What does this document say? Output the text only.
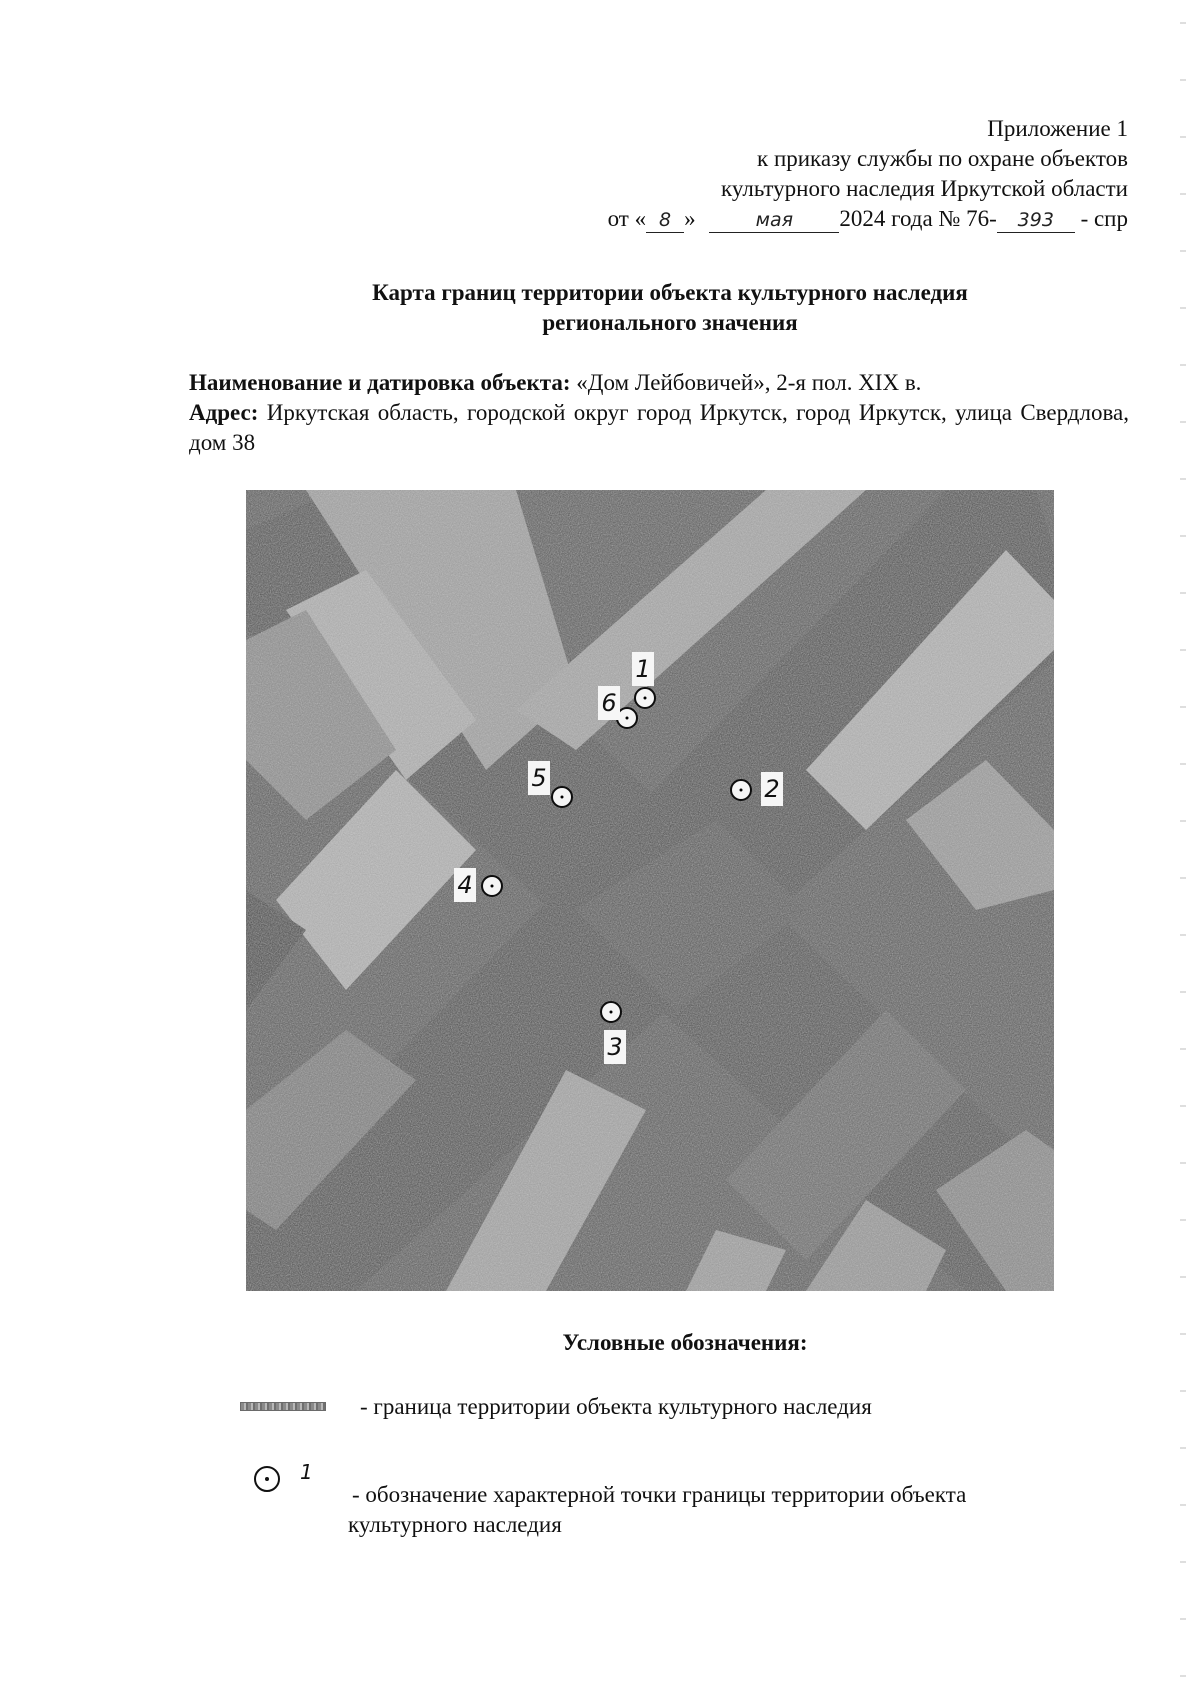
Приложение 1
к приказу службы по охране объектов
культурного наследия Иркутской области
от « 8 »	мая 2024 года № 76- 393 - спр
Карта границ территории объекта культурного наследия
регионального значения
Наименование и датировка объекта: «Дом Лейбовичей», 2-я пол. XIX в.
Адрес: Иркутская область, городской округ город Иркутск, город Иркутск, улица Свердлова, дом 38
1
2
3
4
5
6
Условные обозначения:
- граница территории объекта культурного наследия
1
- обозначение характерной точки границы территории объекта
культурного наследия
